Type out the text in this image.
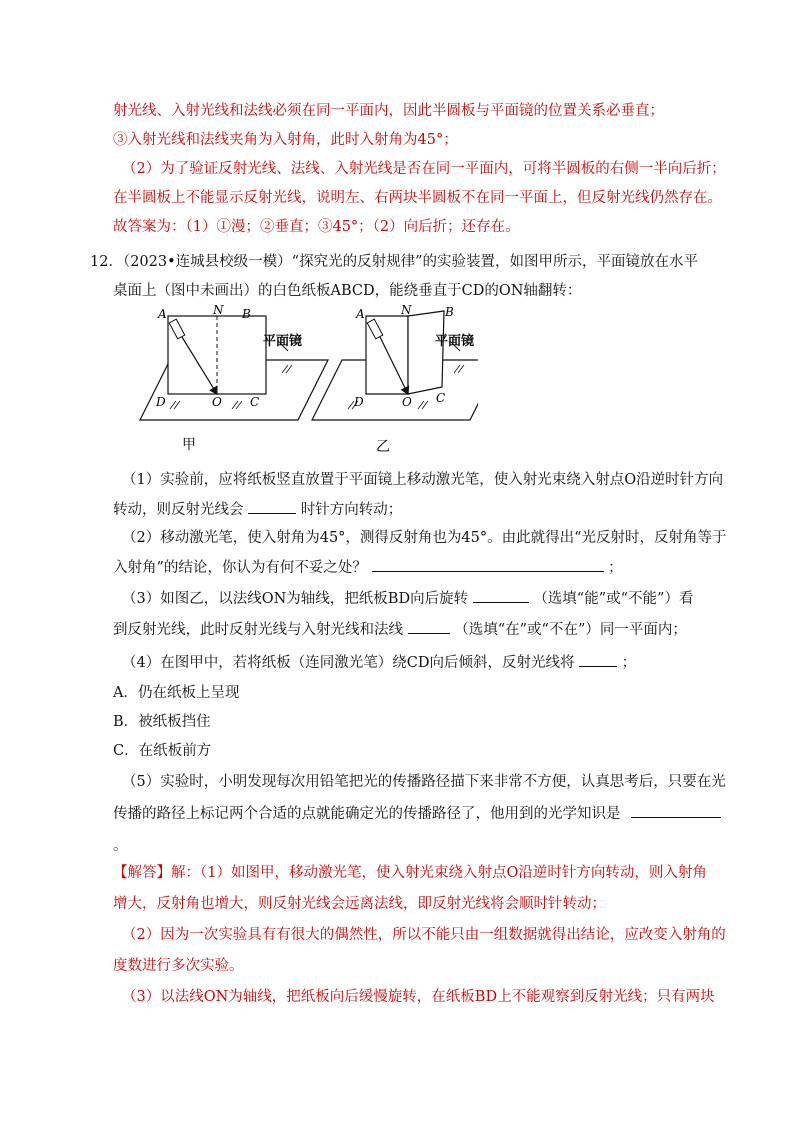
射光线、入射光线和法线必须在同一平面内，因此半圆板与平面镜的位置关系必垂直；
③入射光线和法线夹角为入射角，此时入射角为45°；
（2）为了验证反射光线、法线、入射光线是否在同一平面内，可将半圆板的右侧一半向后折；
在半圆板上不能显示反射光线，说明左、右两块半圆板不在同一平面上，但反射光线仍然存在。
故答案为：（1）①漫；②垂直；③45°；（2）向后折；还存在。
12．（2023•连城县校级一模）“探究光的反射规律”的实验装置，如图甲所示，平面镜放在水平
桌面上（图中未画出）的白色纸板ABCD，能绕垂直于CD的ON轴翻转：
A	N B
D	O C
平面镜
甲
A	N	B
D	O C
平面镜
乙
（1）实验前，应将纸板竖直放置于平面镜上移动激光笔，使入射光束绕入射点O沿逆时针方向
转动，则反射光线会	时针方向转动；
（2）移动激光笔，使入射角为45°，测得反射角也为45°。由此就得出“光反射时，反射角等于
入射角”的结论，你认为有何不妥之处？	；
（3）如图乙，以法线ON为轴线，把纸板BD向后旋转	（选填“能”或“不能”）看
到反射光线，此时反射光线与入射光线和法线	（选填“在”或“不在”）同一平面内；
（4）在图甲中，若将纸板（连同激光笔）绕CD向后倾斜，反射光线将	；
A．仍在纸板上呈现
B．被纸板挡住
C．在纸板前方
（5）实验时，小明发现每次用铅笔把光的传播路径描下来非常不方便，认真思考后，只要在光
传播的路径上标记两个合适的点就能确定光的传播路径了，他用到的光学知识是
。
【解答】解：（1）如图甲，移动激光笔，使入射光束绕入射点O沿逆时针方向转动，则入射角
增大，反射角也增大，则反射光线会远离法线，即反射光线将会顺时针转动；
（2）因为一次实验具有有很大的偶然性，所以不能只由一组数据就得出结论，应改变入射角的
度数进行多次实验。
（3）以法线ON为轴线，把纸板向后缓慢旋转，在纸板BD上不能观察到反射光线；只有两块
